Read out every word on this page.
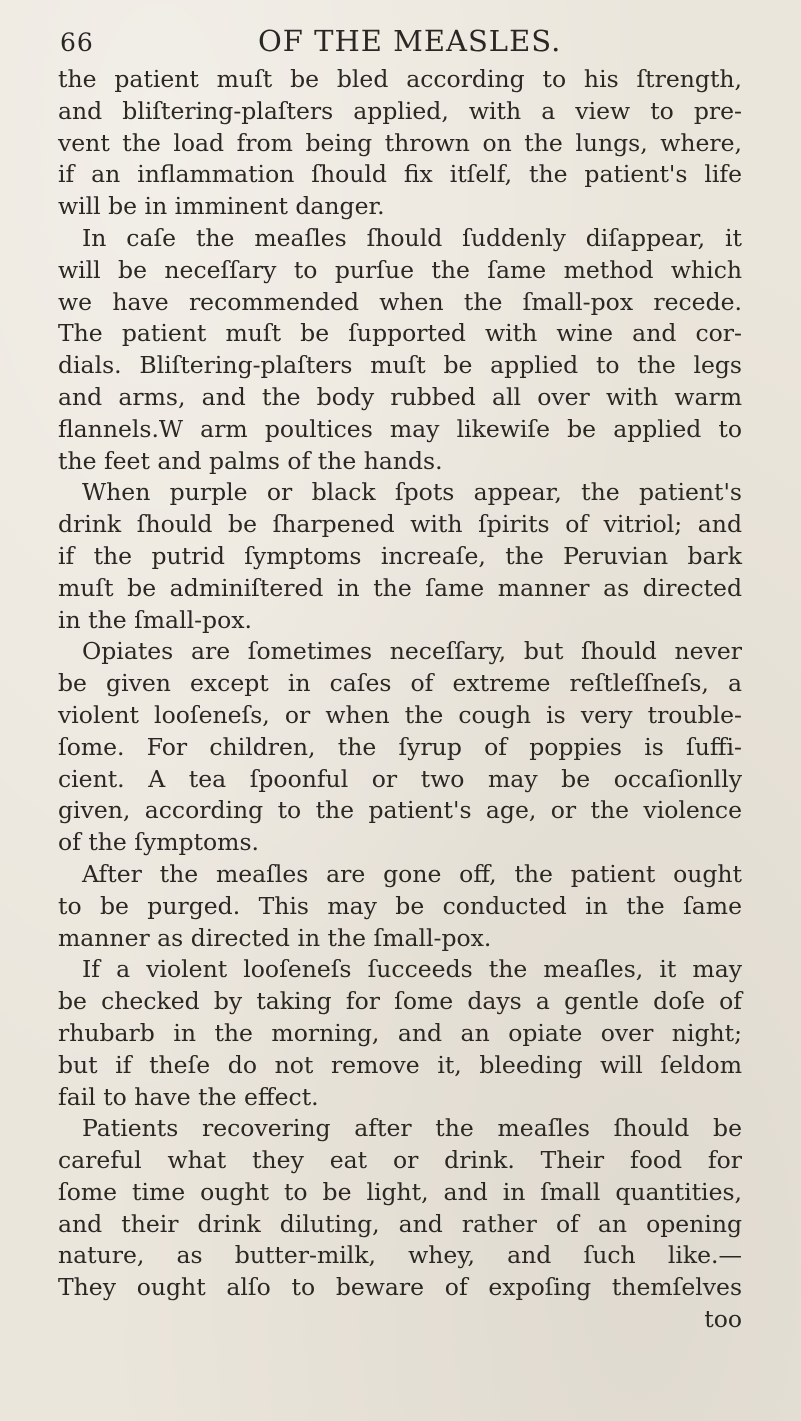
66	OF THE MEASLES.
the patient muſt be bled according to his ſtrength,
and bliſtering-plaſters applied, with a view to pre-
vent the load from being thrown on the lungs, where,
if an inflammation ſhould fix itſelf, the patient's life
will be in imminent danger.
In caſe the meaſles ſhould ſuddenly diſappear, it
will be neceſſary to purſue the ſame method which
we have recommended when the ſmall-pox recede.
The patient muſt be ſupported with wine and cor-
dials. Bliſtering-plaſters muſt be applied to the legs
and arms, and the body rubbed all over with warm
flannels.W arm poultices may likewiſe be applied to
the feet and palms of the hands.
When purple or black ſpots appear, the patient's
drink ſhould be ſharpened with ſpirits of vitriol; and
if the putrid ſymptoms increaſe, the Peruvian bark
muſt be adminiſtered in the ſame manner as directed
in the ſmall-pox.
Opiates are ſometimes neceſſary, but ſhould never
be given except in caſes of extreme reſtleſſneſs, a
violent looſeneſs, or when the cough is very trouble-
ſome. For children, the ſyrup of poppies is ſuffi-
cient. A tea ſpoonful or two may be occaſionlly
given, according to the patient's age, or the violence
of the ſymptoms.
After the meaſles are gone off, the patient ought
to be purged. This may be conducted in the ſame
manner as directed in the ſmall-pox.
If a violent looſeneſs ſucceeds the meaſles, it may
be checked by taking for ſome days a gentle doſe of
rhubarb in the morning, and an opiate over night;
but if theſe do not remove it, bleeding will ſeldom
fail to have the effect.
Patients recovering after the meaſles ſhould be
careful what they eat or drink. Their food for
ſome time ought to be light, and in ſmall quantities,
and their drink diluting, and rather of an opening
nature, as butter-milk, whey, and ſuch like.—
They ought alſo to beware of expoſing themſelves
too
